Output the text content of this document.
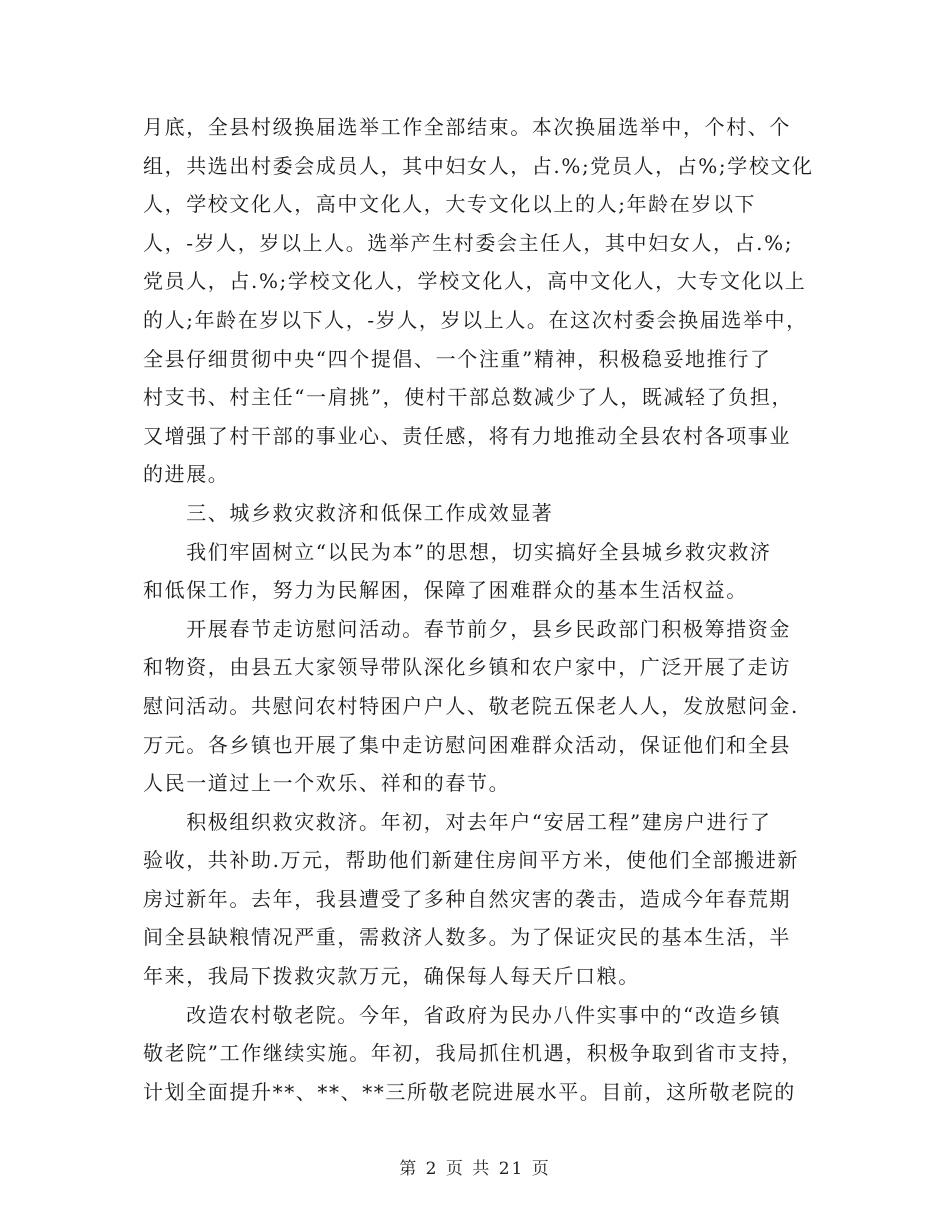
月底，全县村级换届选举工作全部结束。本次换届选举中，个村、个
组，共选出村委会成员人，其中妇女人，占.%;党员人，占%;学校文化
人，学校文化人，高中文化人，大专文化以上的人;年龄在岁以下
人，-岁人，岁以上人。选举产生村委会主任人，其中妇女人，占.%;
党员人，占.%;学校文化人，学校文化人，高中文化人，大专文化以上
的人;年龄在岁以下人，-岁人，岁以上人。在这次村委会换届选举中，
全县仔细贯彻中央“四个提倡、一个注重”精神，积极稳妥地推行了
村支书、村主任“一肩挑”，使村干部总数减少了人，既减轻了负担，
又增强了村干部的事业心、责任感，将有力地推动全县农村各项事业
的进展。
　　三、城乡救灾救济和低保工作成效显著
　　我们牢固树立“以民为本”的思想，切实搞好全县城乡救灾救济
和低保工作，努力为民解困，保障了困难群众的基本生活权益。
　　开展春节走访慰问活动。春节前夕，县乡民政部门积极筹措资金
和物资，由县五大家领导带队深化乡镇和农户家中，广泛开展了走访
慰问活动。共慰问农村特困户户人、敬老院五保老人人，发放慰问金.
万元。各乡镇也开展了集中走访慰问困难群众活动，保证他们和全县
人民一道过上一个欢乐、祥和的春节。
　　积极组织救灾救济。年初，对去年户“安居工程”建房户进行了
验收，共补助.万元，帮助他们新建住房间平方米，使他们全部搬进新
房过新年。去年，我县遭受了多种自然灾害的袭击，造成今年春荒期
间全县缺粮情况严重，需救济人数多。为了保证灾民的基本生活，半
年来，我局下拨救灾款万元，确保每人每天斤口粮。
　　改造农村敬老院。今年，省政府为民办八件实事中的“改造乡镇
敬老院”工作继续实施。年初，我局抓住机遇，积极争取到省市支持，
计划全面提升**、**、**三所敬老院进展水平。目前，这所敬老院的
第 2 页 共 21 页
